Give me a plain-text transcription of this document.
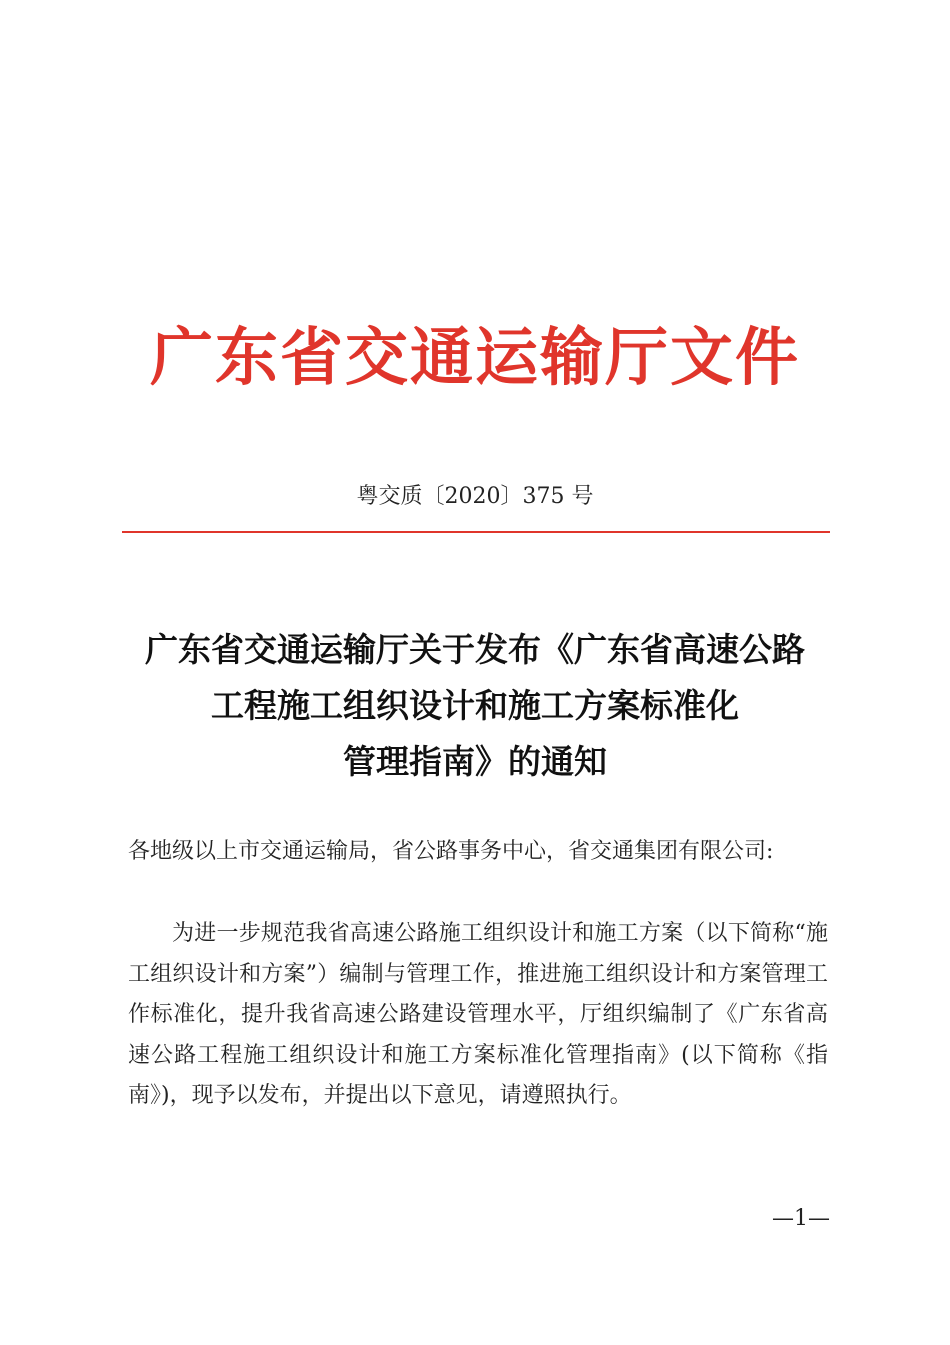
广东省交通运输厅文件
粤交质〔2020〕375 号
广东省交通运输厅关于发布《广东省高速公路
工程施工组织设计和施工方案标准化
管理指南》的通知
各地级以上市交通运输局，省公路事务中心，省交通集团有限公司:
为进一步规范我省高速公路施工组织设计和施工方案（以下简称“施工组织设计和方案”）编制与管理工作，推进施工组织设计和方案管理工作标准化，提升我省高速公路建设管理水平，厅组织编制了《广东省高速公路工程施工组织设计和施工方案标准化管理指南》(以下简称《指南》)，现予以发布，并提出以下意见，请遵照执行。
—1—
